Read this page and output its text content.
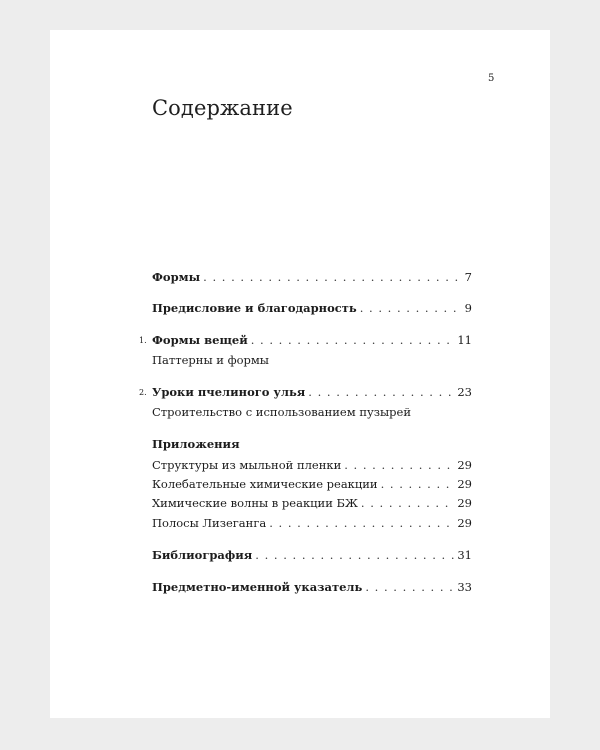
5
Содержание
Формы . . .	7
Предисловие и благодарность . . .	9
1. Формы вещей . . .	11
Паттерны и формы
2. Уроки пчелиного улья . . .	23
Строительство с использованием пузырей
Приложения
Структуры из мыльной пленки . . .	29
Колебательные химические реакции . . .	29
Химические волны в реакции БЖ . . .	29
Полосы Лизеганга . . .	29
Библиография . . .	31
Предметно-именной указатель . . .	33
